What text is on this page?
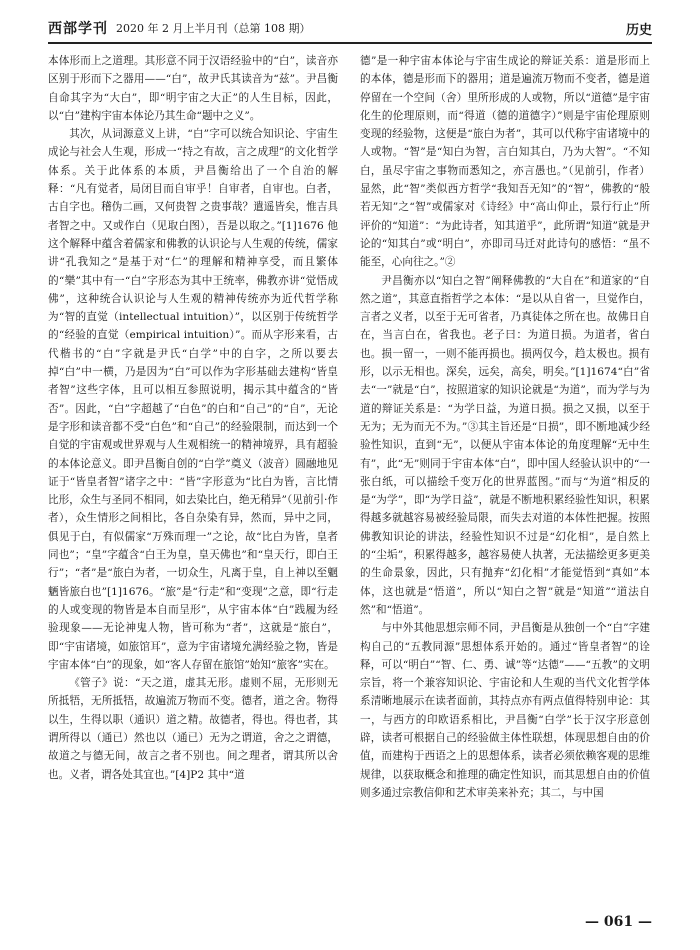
西部学刊 2020 年 2 月上半月刊（总第 108 期）	历史

本体形而上之道理。其形意不同于汉语经验中的“白”，读音亦区别于形而下之器用——“白”，故尹氏其读音为“兹”。尹昌衡自命其字为“大白”，即“明宇宙之大正”的人生目标，因此，以“白”建构宇宙本体论乃其生命“题中之义”。

其次，从词源意义上讲，“白”字可以统合知识论、宇宙生成论与社会人生观，形成一“持之有故，言之成理”的文化哲学体系。关于此体系的本质，尹昌衡给出了一个自治的解释：“凡有觉者，局闭目而自审乎！自审者，自审也。白者，古自字也。稽伪二画，又何贵智 之贵事哉？遣遥皆矣，惟吉具者智之中。又或作白（见取白图），吾是以取之。”[1]1676 他这个解释中蕴含着儒家和佛教的认识论与人生观的传统，儒家讲“孔我知之”是基于对“仁”的理解和精神享受，而且繁体的“樂”其中有一“白”字形态为其中王统率，佛教亦讲“觉悟成佛”，这种统合认识论与人生观的精神传统亦为近代哲学称为“智的直觉（intellectual intuition）”，以区别于传统哲学的“经验的直觉（empirical intuition）”。而从字形来看，古代楷书的“白”字就是尹氏“白学”中的白字，之所以要去掉“白”中一横，乃是因为“白”可以作为字形基础去建构“皆皇者智”这些字体，且可以相互参照说明，揭示其中蕴含的“皆否”。因此，“白”字超越了“白色”的白和“自己”的“自”，无论是字形和读音都不受“白色”和“自己”的经验限制，而达到一个自觉的宇宙观或世界观与人生观相统一的精神境界，具有超验的本体论意义。即尹昌衡自创的“白学”奠义（波音）圆融地见证于“皆皇者智”诸字之中：“皆”字形意为“比白为皆，言比情比形，众生与圣同不相同，如去染比白，绝无稍异”（见前引·作者），众生情形之间相比，各自杂染有异，然而，异中之同，俱见于白，有似儒家“万殊而理一”之论，故“比白为皆，皇者同也”；“皇”字蕴含“白王为皇，皇天佛也”和“皇天行，即白王行”；“者”是“旅白为者，一切众生，凡离于皇，自上神以至魍魉皆旅白也”[1]1676。“旅”是“行走”和“变现”之意，即“行走的人或变现的物皆是本自而呈形”，从宇宙本体“白”践履为经验现象——无论神鬼人物，皆可称为“者”，这就是“旅白”，即“宇宙诸境，如旅馆耳”，意为宇宙诸境允满经验之物，皆是宇宙本体“白”的现象，如“客人存留在旅馆”始知“旅客”实在。

《管子》说：“天之道，虚其无形。虚则不屈，无形则无所抵牾，无所抵牾，故遍流万物而不变。德者，道之舍。物得以生，生得以职（通识）道之精。故德者，得也。得也者，其谓所得以（通已）然也以（通已）无为之谓道，舍之之谓德，故道之与德无间，故言之者不别也。间之理者，谓其所以舍也。义者，谓各处其宜也。”[4]P2 其中“道

德”是一种宇宙本体论与宇宙生成论的辩证关系：道是形而上的本体，德是形而下的器用；道是遍流万物而不变者，德是道停留在一个空间（舍）里所形成的人或物，所以“道德”是宇宙化生的伦理原则，而“得道（德的道德字）”则是宇宙伦理原则变现的经验物，这便是“旅白为者”，其可以代称宇宙诸境中的人或物。“智”是“知白为智，言白知其白，乃为大智”。“不知白，虽尽宇宙之事物而悉知之，亦言愚也。”（见前引，作者）显然，此“智”类似西方哲学“我知吾无知”的“智”，佛教的“般若无知”之“智”或儒家对《诗经》中“高山仰止，景行行止”所评价的“知道”：“为此诗者，知其道乎”，此所谓“知道”就是尹论的“知其白”或“明白”，亦即司马迁对此诗句的感悟：“虽不能至，心向往之。”②

尹昌衡亦以“知白之智”阐释佛教的“大自在”和道家的“自然之道”，其意直指哲学之本体：“是以从自省一，旦觉作白，言者之义者，以至于无可省者，乃真徒体之所在也。故佛日自在，当言白在，省我也。老子曰：为道日损。为道者，省白也。损一留一，一则不能再损也。损两仅今，趋太极也。损有形，以示无相也。深矣，远矣，高矣，明矣。”[1]1674“白”省去“一”就是“白”，按照道家的知识论就是“为道”，而为学与为道的辩证关系是：“为学日益，为道日损。损之又损，以至于无为；无为而无不为。”③其主旨还是“日损”，即不断地减少经验性知识，直到“无”，以便从宇宙本体论的角度理解“无中生有”，此“无”则同于宇宙本体“白”，即中国人经验认识中的“一张白纸，可以描绘千变万化的世界蓝图。”而与“为道”相反的是“为学”，即“为学日益”，就是不断地积累经验性知识，积累得越多就越容易被经验局限，而失去对道的本体性把握。按照佛教知识论的讲法，经验性知识不过是“幻化相”，是自然上的“尘垢”，积累得越多，越容易使人执著，无法描绘更多更美的生命景象，因此，只有抛弃“幻化相”才能觉悟到“真如”本体，这也就是“悟道”，所以“知白之智”就是“知道”“道法自然”和“悟道”。

与中外其他思想宗师不同，尹昌衡是从独创一个“白”字建构自己的“五教同源”思想体系开始的。通过“皆皇者智”的诠释，可以“明白”“智、仁、勇、诚”等“达德”——“五教”的文明宗旨，将一个兼容知识论、宇宙论和人生观的当代文化哲学体系清晰地展示在读者面前，其持点亦有两点值得特别申论：其一，与西方的印欧语系相比，尹昌衡“白学”长于汉字形意创辟，读者可根据自己的经验做主体性联想，体现思想自由的价值，而建构于西语之上的思想体系，读者必须依赖客观的思维规律，以获取概念和推理的确定性知识，而其思想自由的价值则多通过宗教信仰和艺术审美来补充；其二，与中国

— 061 —
